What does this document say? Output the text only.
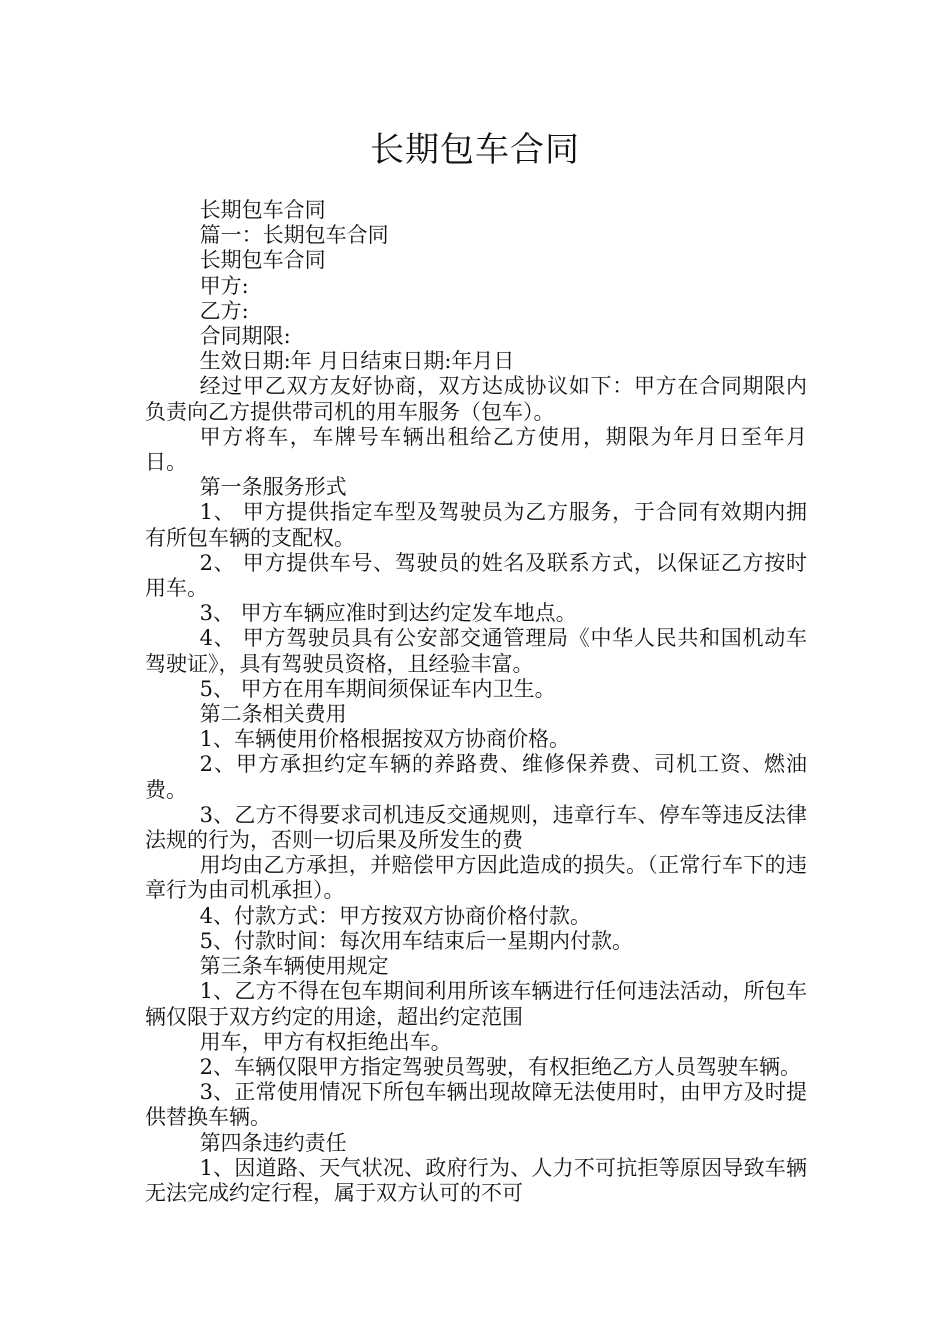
长期包车合同

长期包车合同

篇一：长期包车合同

长期包车合同

甲方:

乙方:

合同期限:

生效日期:年 月日结束日期:年月日

经过甲乙双方友好协商，双方达成协议如下：甲方在合同期限内负责向乙方提供带司机的用车服务（包车）。

甲方将车，车牌号车辆出租给乙方使用，期限为年月日至年月日。

第一条服务形式

1、 甲方提供指定车型及驾驶员为乙方服务，于合同有效期内拥有所包车辆的支配权。

2、 甲方提供车号、驾驶员的姓名及联系方式，以保证乙方按时用车。

3、 甲方车辆应准时到达约定发车地点。

4、 甲方驾驶员具有公安部交通管理局《中华人民共和国机动车驾驶证》，具有驾驶员资格，且经验丰富。

5、 甲方在用车期间须保证车内卫生。

第二条相关费用

1、车辆使用价格根据按双方协商价格。

2、甲方承担约定车辆的养路费、维修保养费、司机工资、燃油费。

3、乙方不得要求司机违反交通规则，违章行车、停车等违反法律法规的行为，否则一切后果及所发生的费

用均由乙方承担，并赔偿甲方因此造成的损失。（正常行车下的违章行为由司机承担）。

4、付款方式：甲方按双方协商价格付款。

5、付款时间：每次用车结束后一星期内付款。

第三条车辆使用规定

1、乙方不得在包车期间利用所该车辆进行任何违法活动，所包车辆仅限于双方约定的用途，超出约定范围

用车，甲方有权拒绝出车。

2、车辆仅限甲方指定驾驶员驾驶，有权拒绝乙方人员驾驶车辆。

3、正常使用情况下所包车辆出现故障无法使用时，由甲方及时提供替换车辆。

第四条违约责任

1、因道路、天气状况、政府行为、人力不可抗拒等原因导致车辆无法完成约定行程，属于双方认可的不可
